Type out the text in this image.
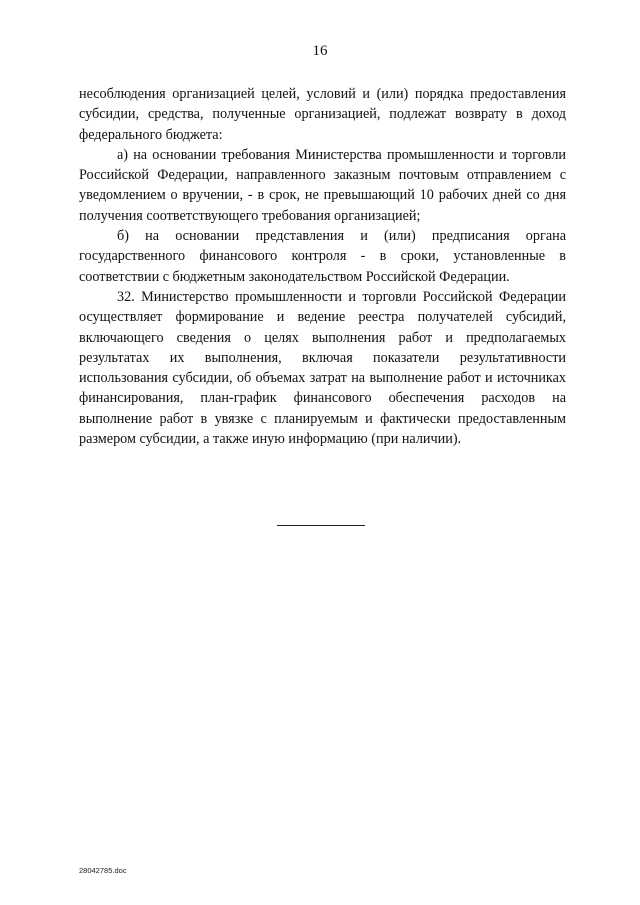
16

несоблюдения организацией целей, условий и (или) порядка предоставления субсидии, средства, полученные организацией, подлежат возврату в доход федерального бюджета:

а) на основании требования Министерства промышленности и торговли Российской Федерации, направленного заказным почтовым отправлением с уведомлением о вручении, - в срок, не превышающий 10 рабочих дней со дня получения соответствующего требования организацией;

б) на основании представления и (или) предписания органа государственного финансового контроля - в сроки, установленные в соответствии с бюджетным законодательством Российской Федерации.

32. Министерство промышленности и торговли Российской Федерации осуществляет формирование и ведение реестра получателей субсидий, включающего сведения о целях выполнения работ и предполагаемых результатах их выполнения, включая показатели результативности использования субсидии, об объемах затрат на выполнение работ и источниках финансирования, план-график финансового обеспечения расходов на выполнение работ в увязке с планируемым и фактически предоставленным размером субсидии, а также иную информацию (при наличии).

28042785.doc
